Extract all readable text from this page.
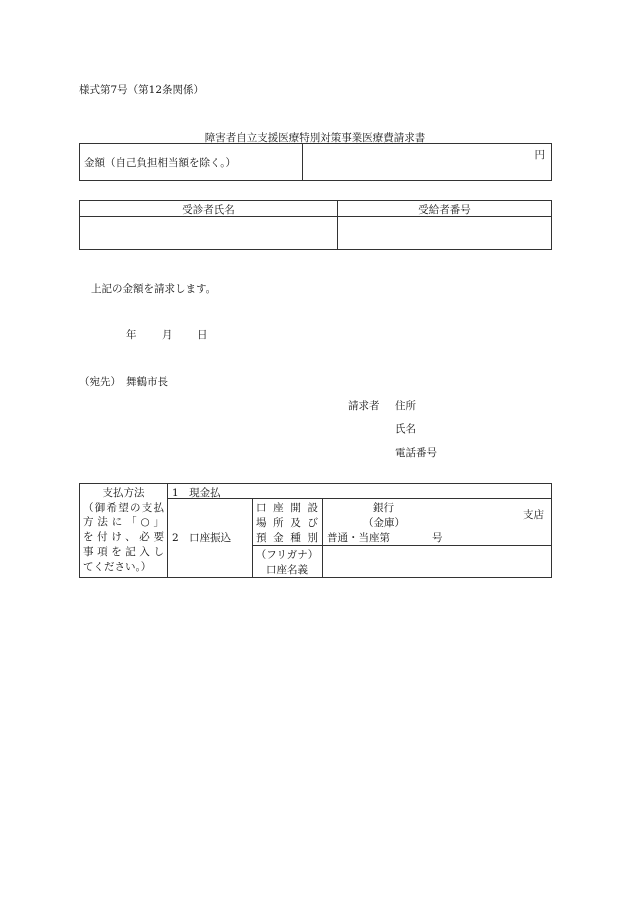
様式第7号（第12条関係）
障害者自立支援医療特別対策事業医療費請求書
金額（自己負担相当額を除く。）
円
受診者氏名	受給者番号
上記の金額を請求します。
年 月 日
（宛先） 舞鶴市長
請求者 住所
氏名
電話番号
支払方法
（御希望の支払
方法に「○」
を付け、必要
事項を記入し
てください。）
1　現金払
2　口座振込
口座開設
場所及び
預金種別
（フリガナ）
口座名義
銀行
（金庫）
支店
普通・当座第	号
